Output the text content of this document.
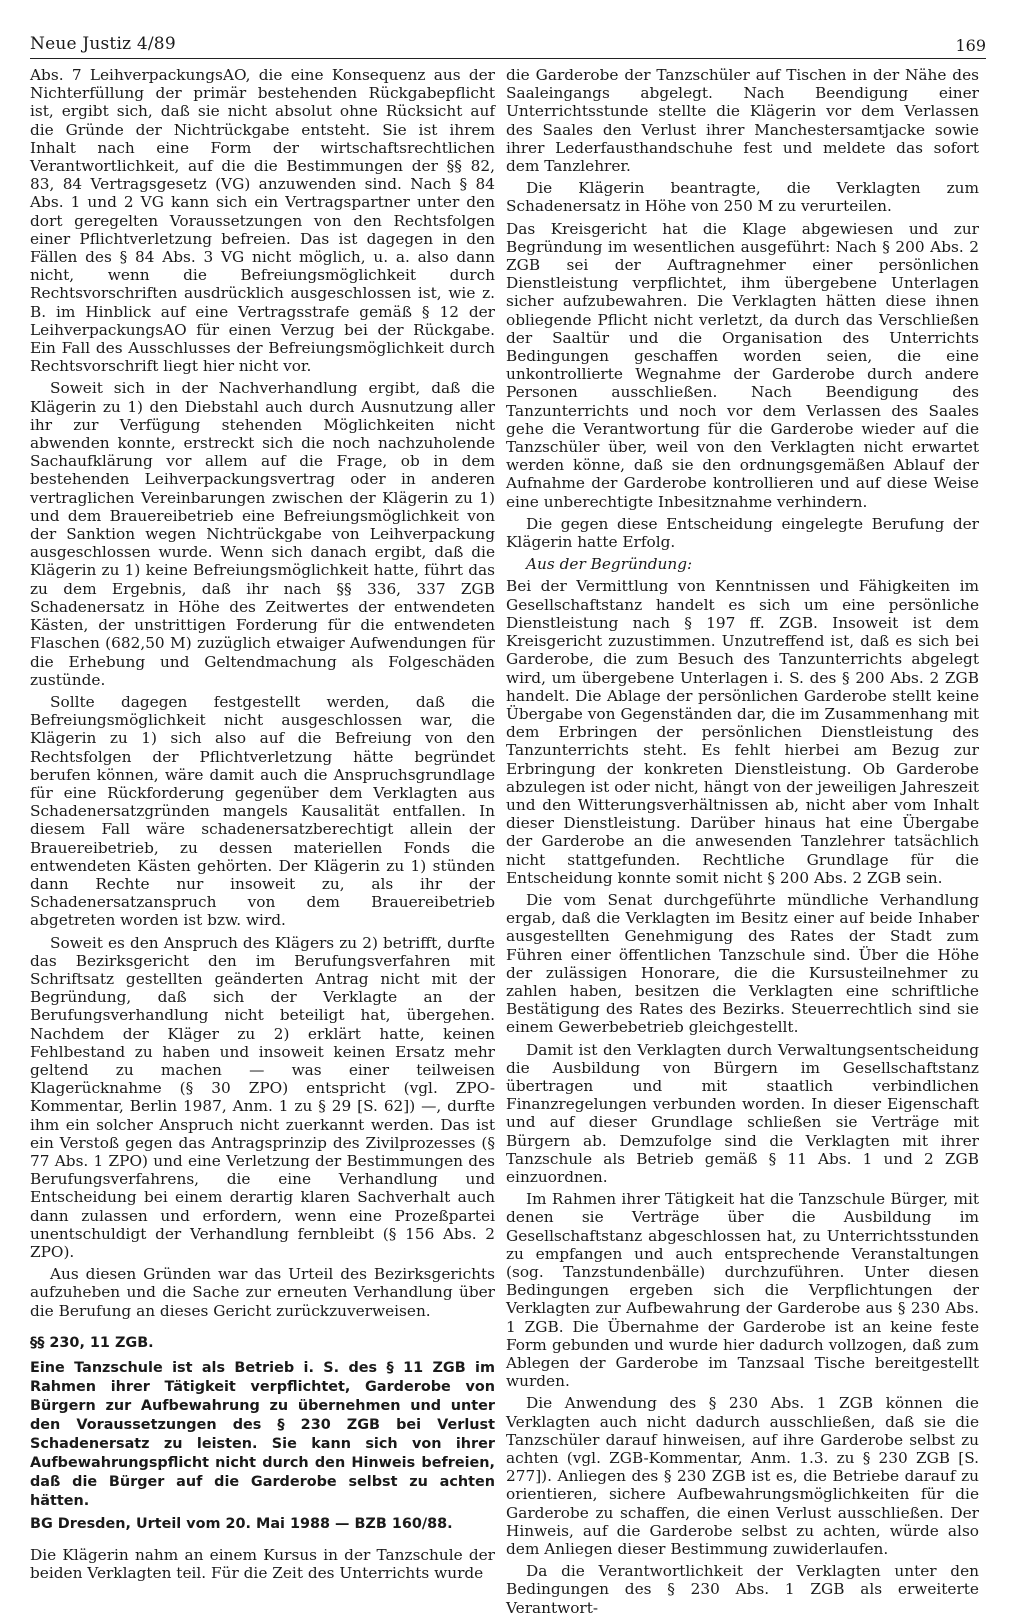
Neue Justiz 4/89	169

Abs. 7 LeihverpackungsAO, die eine Konsequenz aus der Nichterfüllung der primär bestehenden Rückgabepflicht ist, ergibt sich, daß sie nicht absolut ohne Rücksicht auf die Gründe der Nichtrückgabe entsteht. Sie ist ihrem Inhalt nach eine Form der wirtschaftsrechtlichen Verantwortlichkeit, auf die die Bestimmungen der §§ 82, 83, 84 Vertragsgesetz (VG) anzuwenden sind. Nach § 84 Abs. 1 und 2 VG kann sich ein Vertragspartner unter den dort geregelten Voraussetzungen von den Rechtsfolgen einer Pflichtverletzung befreien. Das ist dagegen in den Fällen des § 84 Abs. 3 VG nicht möglich, u. a. also dann nicht, wenn die Befreiungsmöglichkeit durch Rechtsvorschriften ausdrücklich ausgeschlossen ist, wie z. B. im Hinblick auf eine Vertragsstrafe gemäß § 12 der LeihverpackungsAO für einen Verzug bei der Rückgabe. Ein Fall des Ausschlusses der Befreiungsmöglichkeit durch Rechtsvorschrift liegt hier nicht vor.

Soweit sich in der Nachverhandlung ergibt, daß die Klägerin zu 1) den Diebstahl auch durch Ausnutzung aller ihr zur Verfügung stehenden Möglichkeiten nicht abwenden konnte, erstreckt sich die noch nachzuholende Sachaufklärung vor allem auf die Frage, ob in dem bestehenden Leihverpackungsvertrag oder in anderen vertraglichen Vereinbarungen zwischen der Klägerin zu 1) und dem Brauereibetrieb eine Befreiungsmöglichkeit von der Sanktion wegen Nichtrückgabe von Leihverpackung ausgeschlossen wurde. Wenn sich danach ergibt, daß die Klägerin zu 1) keine Befreiungsmöglichkeit hatte, führt das zu dem Ergebnis, daß ihr nach §§ 336, 337 ZGB Schadenersatz in Höhe des Zeitwertes der entwendeten Kästen, der unstrittigen Forderung für die entwendeten Flaschen (682,50 M) zuzüglich etwaiger Aufwendungen für die Erhebung und Geltendmachung als Folgeschäden zustünde.

Sollte dagegen festgestellt werden, daß die Befreiungsmöglichkeit nicht ausgeschlossen war, die Klägerin zu 1) sich also auf die Befreiung von den Rechtsfolgen der Pflichtverletzung hätte begründet berufen können, wäre damit auch die Anspruchsgrundlage für eine Rückforderung gegenüber dem Verklagten aus Schadenersatzgründen mangels Kausalität entfallen. In diesem Fall wäre schadenersatzberechtigt allein der Brauereibetrieb, zu dessen materiellen Fonds die entwendeten Kästen gehörten. Der Klägerin zu 1) stünden dann Rechte nur insoweit zu, als ihr der Schadenersatzanspruch von dem Brauereibetrieb abgetreten worden ist bzw. wird.

Soweit es den Anspruch des Klägers zu 2) betrifft, durfte das Bezirksgericht den im Berufungsverfahren mit Schriftsatz gestellten geänderten Antrag nicht mit der Begründung, daß sich der Verklagte an der Berufungsverhandlung nicht beteiligt hat, übergehen. Nachdem der Kläger zu 2) erklärt hatte, keinen Fehlbestand zu haben und insoweit keinen Ersatz mehr geltend zu machen — was einer teilweisen Klagerücknahme (§ 30 ZPO) entspricht (vgl. ZPO-Kommentar, Berlin 1987, Anm. 1 zu § 29 [S. 62]) —, durfte ihm ein solcher Anspruch nicht zuerkannt werden. Das ist ein Verstoß gegen das Antragsprinzip des Zivilprozesses (§ 77 Abs. 1 ZPO) und eine Verletzung der Bestimmungen des Berufungsverfahrens, die eine Verhandlung und Entscheidung bei einem derartig klaren Sachverhalt auch dann zulassen und erfordern, wenn eine Prozeßpartei unentschuldigt der Verhandlung fernbleibt (§ 156 Abs. 2 ZPO).

Aus diesen Gründen war das Urteil des Bezirksgerichts aufzuheben und die Sache zur erneuten Verhandlung über die Berufung an dieses Gericht zurückzuverweisen.

§§ 230, 11 ZGB.
Eine Tanzschule ist als Betrieb i. S. des § 11 ZGB im Rahmen ihrer Tätigkeit verpflichtet, Garderobe von Bürgern zur Aufbewahrung zu übernehmen und unter den Voraussetzungen des § 230 ZGB bei Verlust Schadenersatz zu leisten. Sie kann sich von ihrer Aufbewahrungspflicht nicht durch den Hinweis befreien, daß die Bürger auf die Garderobe selbst zu achten hätten.
BG Dresden, Urteil vom 20. Mai 1988 — BZB 160/88.

Die Klägerin nahm an einem Kursus in der Tanzschule der beiden Verklagten teil. Für die Zeit des Unterrichts wurde

die Garderobe der Tanzschüler auf Tischen in der Nähe des Saaleingangs abgelegt. Nach Beendigung einer Unterrichtsstunde stellte die Klägerin vor dem Verlassen des Saales den Verlust ihrer Manchestersamtjacke sowie ihrer Lederfausthandschuhe fest und meldete das sofort dem Tanzlehrer.

Die Klägerin beantragte, die Verklagten zum Schadenersatz in Höhe von 250 M zu verurteilen.

Das Kreisgericht hat die Klage abgewiesen und zur Begründung im wesentlichen ausgeführt: Nach § 200 Abs. 2 ZGB sei der Auftragnehmer einer persönlichen Dienstleistung verpflichtet, ihm übergebene Unterlagen sicher aufzubewahren. Die Verklagten hätten diese ihnen obliegende Pflicht nicht verletzt, da durch das Verschließen der Saaltür und die Organisation des Unterrichts Bedingungen geschaffen worden seien, die eine unkontrollierte Wegnahme der Garderobe durch andere Personen ausschließen. Nach Beendigung des Tanzunterrichts und noch vor dem Verlassen des Saales gehe die Verantwortung für die Garderobe wieder auf die Tanzschüler über, weil von den Verklagten nicht erwartet werden könne, daß sie den ordnungsgemäßen Ablauf der Aufnahme der Garderobe kontrollieren und auf diese Weise eine unberechtigte Inbesitznahme verhindern.

Die gegen diese Entscheidung eingelegte Berufung der Klägerin hatte Erfolg.

Aus der Begründung:

Bei der Vermittlung von Kenntnissen und Fähigkeiten im Gesellschaftstanz handelt es sich um eine persönliche Dienstleistung nach § 197 ff. ZGB. Insoweit ist dem Kreisgericht zuzustimmen. Unzutreffend ist, daß es sich bei Garderobe, die zum Besuch des Tanzunterrichts abgelegt wird, um übergebene Unterlagen i. S. des § 200 Abs. 2 ZGB handelt. Die Ablage der persönlichen Garderobe stellt keine Übergabe von Gegenständen dar, die im Zusammenhang mit dem Erbringen der persönlichen Dienstleistung des Tanzunterrichts steht. Es fehlt hierbei am Bezug zur Erbringung der konkreten Dienstleistung. Ob Garderobe abzulegen ist oder nicht, hängt von der jeweiligen Jahreszeit und den Witterungsverhältnissen ab, nicht aber vom Inhalt dieser Dienstleistung. Darüber hinaus hat eine Übergabe der Garderobe an die anwesenden Tanzlehrer tatsächlich nicht stattgefunden. Rechtliche Grundlage für die Entscheidung konnte somit nicht § 200 Abs. 2 ZGB sein.

Die vom Senat durchgeführte mündliche Verhandlung ergab, daß die Verklagten im Besitz einer auf beide Inhaber ausgestellten Genehmigung des Rates der Stadt zum Führen einer öffentlichen Tanzschule sind. Über die Höhe der zulässigen Honorare, die die Kursusteilnehmer zu zahlen haben, besitzen die Verklagten eine schriftliche Bestätigung des Rates des Bezirks. Steuerrechtlich sind sie einem Gewerbebetrieb gleichgestellt.

Damit ist den Verklagten durch Verwaltungsentscheidung die Ausbildung von Bürgern im Gesellschaftstanz übertragen und mit staatlich verbindlichen Finanzregelungen verbunden worden. In dieser Eigenschaft und auf dieser Grundlage schließen sie Verträge mit Bürgern ab. Demzufolge sind die Verklagten mit ihrer Tanzschule als Betrieb gemäß § 11 Abs. 1 und 2 ZGB einzuordnen.

Im Rahmen ihrer Tätigkeit hat die Tanzschule Bürger, mit denen sie Verträge über die Ausbildung im Gesellschaftstanz abgeschlossen hat, zu Unterrichtsstunden zu empfangen und auch entsprechende Veranstaltungen (sog. Tanzstundenbälle) durchzuführen. Unter diesen Bedingungen ergeben sich die Verpflichtungen der Verklagten zur Aufbewahrung der Garderobe aus § 230 Abs. 1 ZGB. Die Übernahme der Garderobe ist an keine feste Form gebunden und wurde hier dadurch vollzogen, daß zum Ablegen der Garderobe im Tanzsaal Tische bereitgestellt wurden.

Die Anwendung des § 230 Abs. 1 ZGB können die Verklagten auch nicht dadurch ausschließen, daß sie die Tanzschüler darauf hinweisen, auf ihre Garderobe selbst zu achten (vgl. ZGB-Kommentar, Anm. 1.3. zu § 230 ZGB [S. 277]). Anliegen des § 230 ZGB ist es, die Betriebe darauf zu orientieren, sichere Aufbewahrungsmöglichkeiten für die Garderobe zu schaffen, die einen Verlust ausschließen. Der Hinweis, auf die Garderobe selbst zu achten, würde also dem Anliegen dieser Bestimmung zuwiderlaufen.

Da die Verantwortlichkeit der Verklagten unter den Bedingungen des § 230 Abs. 1 ZGB als erweiterte Verantwort-
